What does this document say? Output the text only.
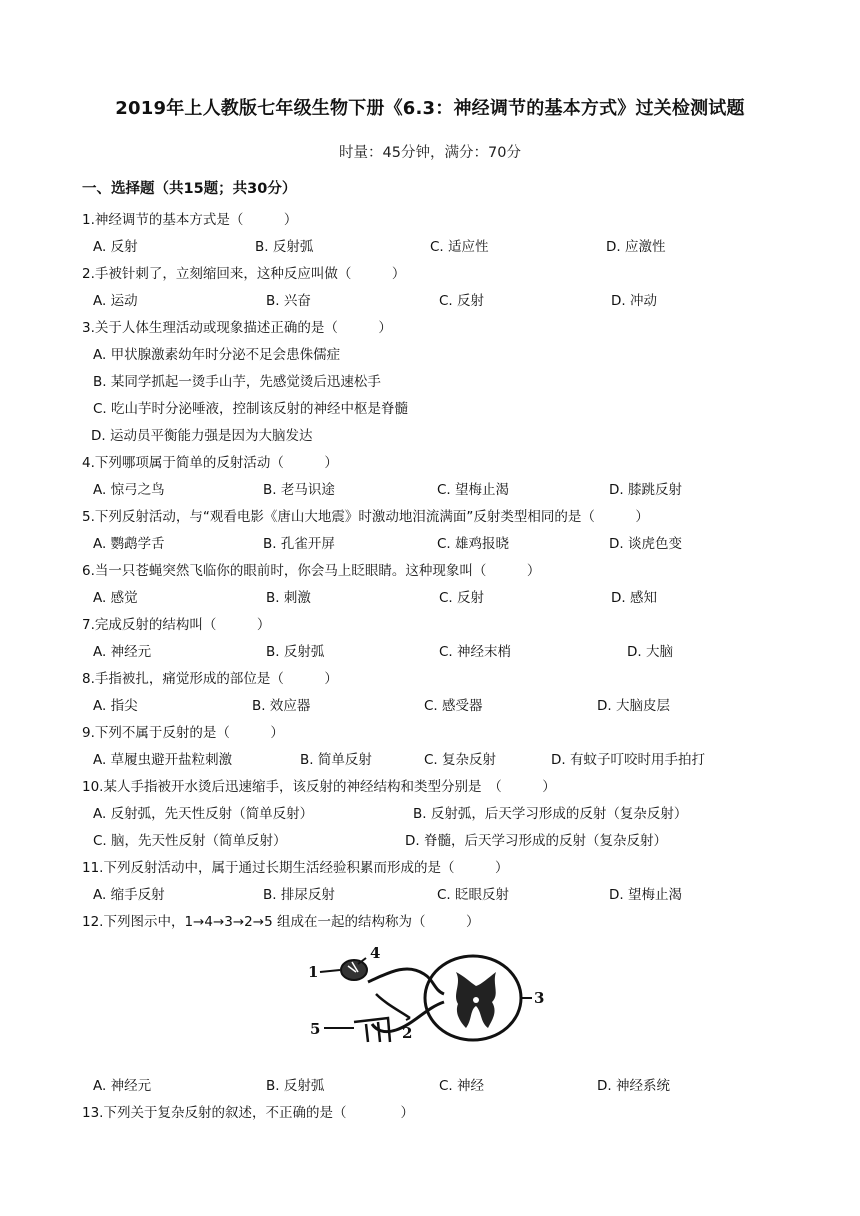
2019年上人教版七年级生物下册《6.3：神经调节的基本方式》过关检测试题
时量：45分钟，满分：70分
一、选择题（共15题；共30分）
1.神经调节的基本方式是（　　　）
A. 反射	B. 反射弧	C. 适应性	D. 应激性
2.手被针刺了，立刻缩回来，这种反应叫做（　　　）
A. 运动	B. 兴奋	C. 反射	D. 冲动
3.关于人体生理活动或现象描述正确的是（　　　）
A. 甲状腺激素幼年时分泌不足会患侏儒症
B. 某同学抓起一烫手山芋，先感觉烫后迅速松手
C. 吃山芋时分泌唾液，控制该反射的神经中枢是脊髓
D. 运动员平衡能力强是因为大脑发达
4.下列哪项属于简单的反射活动（　　　）
A. 惊弓之鸟	B. 老马识途	C. 望梅止渴	D. 膝跳反射
5.下列反射活动，与“观看电影《唐山大地震》时激动地泪流满面”反射类型相同的是（　　　）
A. 鹦鹉学舌	B. 孔雀开屏	C. 雄鸡报晓	D. 谈虎色变
6.当一只苍蝇突然飞临你的眼前时，你会马上眨眼睛。这种现象叫（　　　）
A. 感觉	B. 刺激	C. 反射	D. 感知
7.完成反射的结构叫（　　　）
A. 神经元	B. 反射弧	C. 神经末梢	D. 大脑
8.手指被扎，痛觉形成的部位是（　　　）
A. 指尖	B. 效应器	C. 感受器	D. 大脑皮层
9.下列不属于反射的是（　　　）
A. 草履虫避开盐粒刺激	B. 简单反射	C. 复杂反射	D. 有蚊子叮咬时用手拍打
10.某人手指被开水烫后迅速缩手，该反射的神经结构和类型分别是　（　　　）
A. 反射弧，先天性反射（简单反射）	B. 反射弧，后天学习形成的反射（复杂反射）
C. 脑，先天性反射（简单反射）	D. 脊髓，后天学习形成的反射（复杂反射）
11.下列反射活动中，属于通过长期生活经验积累而形成的是（　　　）
A. 缩手反射	B. 排尿反射	C. 眨眼反射	D. 望梅止渴
12.下列图示中，1→4→3→2→5 组成在一起的结构称为（　　　）
1
4
3
2
5
A. 神经元	B. 反射弧	C. 神经	D. 神经系统
13.下列关于复杂反射的叙述，不正确的是（　　　　）
